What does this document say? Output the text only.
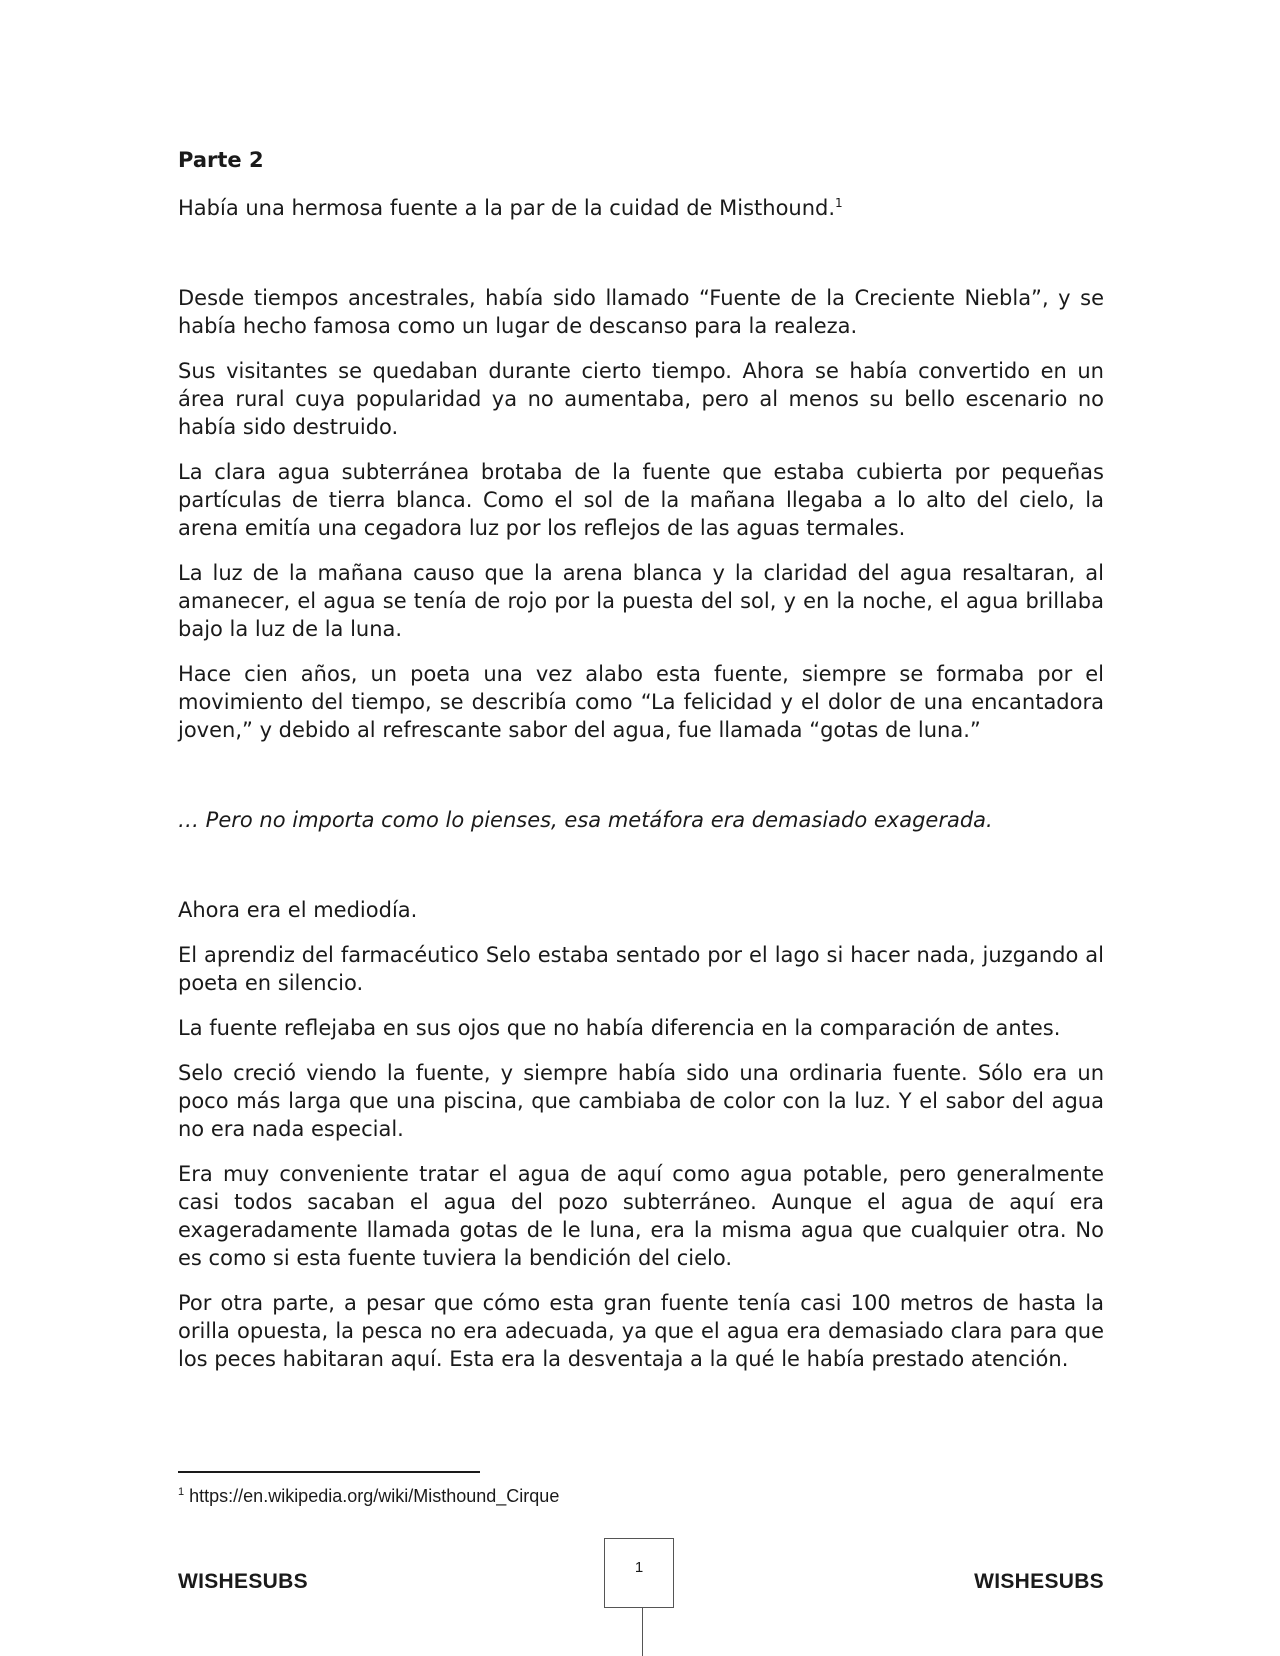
Parte 2

Había una hermosa fuente a la par de la cuidad de Misthound.$^1$

Desde tiempos ancestrales, había sido llamado “Fuente de la Creciente Niebla”, y se había hecho famosa como un lugar de descanso para la realeza.

Sus visitantes se quedaban durante cierto tiempo. Ahora se había convertido en un área rural cuya popularidad ya no aumentaba, pero al menos su bello escenario no había sido destruido.

La clara agua subterránea brotaba de la fuente que estaba cubierta por pequeñas partículas de tierra blanca. Como el sol de la mañana llegaba a lo alto del cielo, la arena emitía una cegadora luz por los reflejos de las aguas termales.

La luz de la mañana causo que la arena blanca y la claridad del agua resaltaran, al amanecer, el agua se tenía de rojo por la puesta del sol, y en la noche, el agua brillaba bajo la luz de la luna.

Hace cien años, un poeta una vez alabo esta fuente, siempre se formaba por el movimiento del tiempo, se describía como “La felicidad y el dolor de una encantadora joven,” y debido al refrescante sabor del agua, fue llamada “gotas de luna.”

… Pero no importa como lo pienses, esa metáfora era demasiado exagerada.

Ahora era el mediodía.

El aprendiz del farmacéutico Selo estaba sentado por el lago si hacer nada, juzgando al poeta en silencio.

La fuente reflejaba en sus ojos que no había diferencia en la comparación de antes.

Selo creció viendo la fuente, y siempre había sido una ordinaria fuente. Sólo era un poco más larga que una piscina, que cambiaba de color con la luz. Y el sabor del agua no era nada especial.

Era muy conveniente tratar el agua de aquí como agua potable, pero generalmente casi todos sacaban el agua del pozo subterráneo. Aunque el agua de aquí era exageradamente llamada gotas de le luna, era la misma agua que cualquier otra. No es como si esta fuente tuviera la bendición del cielo.

Por otra parte, a pesar que cómo esta gran fuente tenía casi 100 metros de hasta la orilla opuesta, la pesca no era adecuada, ya que el agua era demasiado clara para que los peces habitaran aquí. Esta era la desventaja a la qué le había prestado atención.

$^1$ https://en.wikipedia.org/wiki/Misthound_Cirque
WISHESUBS
1
WISHESUBS
